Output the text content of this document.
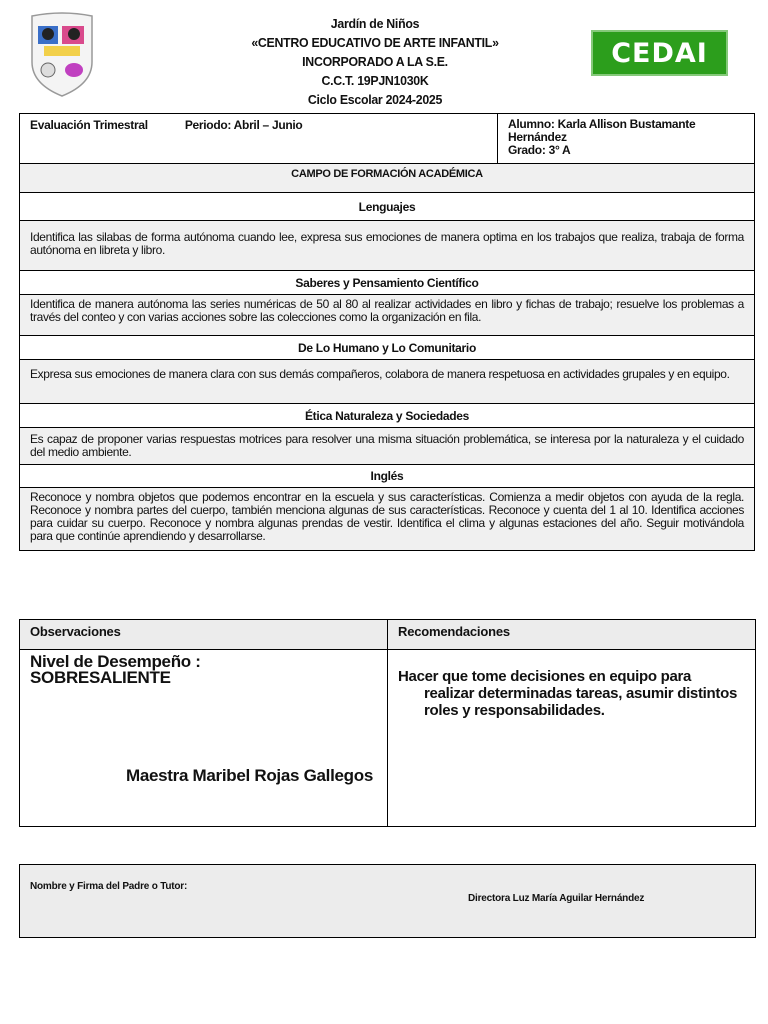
Jardín de Niños
«CENTRO EDUCATIVO DE ARTE INFANTIL»
INCORPORADO A LA S.E.
C.C.T. 19PJN1030K
Ciclo Escolar 2024-2025
CEDAI
Evaluación Trimestral	Periodo: Abril – Junio	Alumno: Karla Allison Bustamante Hernández
Grado: 3° A
CAMPO DE FORMACIÓN ACADÉMICA
Lenguajes
Identifica las silabas de forma autónoma cuando lee, expresa sus emociones de manera optima en los trabajos que realiza, trabaja de forma autónoma en libreta y libro.
Saberes y Pensamiento Científico
Identifica de manera autónoma las series numéricas de 50 al 80 al realizar actividades en libro y fichas de trabajo; resuelve los problemas a través del conteo y con varias acciones sobre las colecciones como la organización en fila.
De Lo Humano y Lo Comunitario
Expresa sus emociones de manera clara con sus demás compañeros, colabora de manera respetuosa en actividades grupales y en equipo.
Ética Naturaleza y Sociedades
Es capaz de proponer varias respuestas motrices para resolver una misma situación problemática, se interesa por la naturaleza y el cuidado del medio ambiente.
Inglés
Reconoce y nombra objetos que podemos encontrar en la escuela y sus características. Comienza a medir objetos con ayuda de la regla. Reconoce y nombra partes del cuerpo, también menciona algunas de sus características. Reconoce y cuenta del 1 al 10. Identifica acciones para cuidar su cuerpo. Reconoce y nombra algunas prendas de vestir. Identifica el clima y algunas estaciones del año. Seguir motivándola para que continúe aprendiendo y desarrollarse.
Observaciones	Recomendaciones
Nivel de Desempeño :
SOBRESALIENTE
Maestra Maribel Rojas Gallegos
Hacer que tome decisiones en equipo para realizar determinadas tareas, asumir distintos roles y responsabilidades.
Nombre y Firma del Padre o Tutor:
Directora Luz María Aguilar Hernández
